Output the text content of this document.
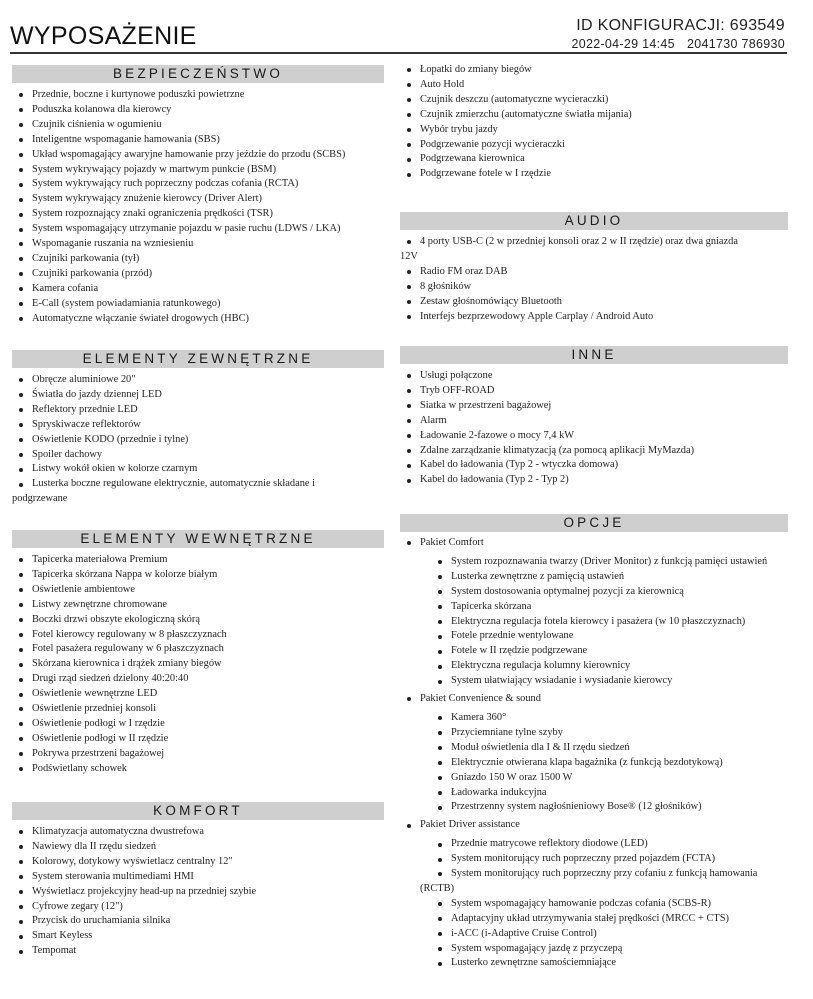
WYPOSAŻENIE	ID KONFIGURACJI: 693549
2022-04-29 14:45 2041730 786930
BEZPIECZEŃSTWO
Przednie, boczne i kurtynowe poduszki powietrzne
Poduszka kolanowa dla kierowcy
Czujnik ciśnienia w ogumieniu
Inteligentne wspomaganie hamowania (SBS)
Układ wspomagający awaryjne hamowanie przy jeździe do przodu (SCBS)
System wykrywający pojazdy w martwym punkcie (BSM)
System wykrywający ruch poprzeczny podczas cofania (RCTA)
System wykrywający znużenie kierowcy (Driver Alert)
System rozpoznający znaki ograniczenia prędkości (TSR)
System wspomagający utrzymanie pojazdu w pasie ruchu (LDWS / LKA)
Wspomaganie ruszania na wzniesieniu
Czujniki parkowania (tył)
Czujniki parkowania (przód)
Kamera cofania
E-Call (system powiadamiania ratunkowego)
Automatyczne włączanie świateł drogowych (HBC)
ELEMENTY ZEWNĘTRZNE
Obręcze aluminiowe 20"
Światła do jazdy dziennej LED
Reflektory przednie LED
Spryskiwacze reflektorów
Oświetlenie KODO (przednie i tylne)
Spoiler dachowy
Listwy wokół okien w kolorze czarnym
Lusterka boczne regulowane elektrycznie, automatycznie składane i
podgrzewane
ELEMENTY WEWNĘTRZNE
Tapicerka materiałowa Premium
Tapicerka skórzana Nappa w kolorze białym
Oświetlenie ambientowe
Listwy zewnętrzne chromowane
Boczki drzwi obszyte ekologiczną skórą
Fotel kierowcy regulowany w 8 płaszczyznach
Fotel pasażera regulowany w 6 płaszczyznach
Skórzana kierownica i drążek zmiany biegów
Drugi rząd siedzeń dzielony 40:20:40
Oświetlenie wewnętrzne LED
Oświetlenie przedniej konsoli
Oświetlenie podłogi w I rzędzie
Oświetlenie podłogi w II rzędzie
Pokrywa przestrzeni bagażowej
Podświetlany schowek
KOMFORT
Klimatyzacja automatyczna dwustrefowa
Nawiewy dla II rzędu siedzeń
Kolorowy, dotykowy wyświetlacz centralny 12"
System sterowania multimediami HMI
Wyświetlacz projekcyjny head-up na przedniej szybie
Cyfrowe zegary (12")
Przycisk do uruchamiania silnika
Smart Keyless
Tempomat
Łopatki do zmiany biegów
Auto Hold
Czujnik deszczu (automatyczne wycieraczki)
Czujnik zmierzchu (automatyczne światła mijania)
Wybór trybu jazdy
Podgrzewanie pozycji wycieraczki
Podgrzewana kierownica
Podgrzewane fotele w I rzędzie
AUDIO
4 porty USB-C (2 w przedniej konsoli oraz 2 w II rzędzie) oraz dwa gniazda
12V
Radio FM oraz DAB
8 głośników
Zestaw głośnomówiący Bluetooth
Interfejs bezprzewodowy Apple Carplay / Android Auto
INNE
Usługi połączone
Tryb OFF-ROAD
Siatka w przestrzeni bagażowej
Alarm
Ładowanie 2-fazowe o mocy 7,4 kW
Zdalne zarządzanie klimatyzacją (za pomocą aplikacji MyMazda)
Kabel do ładowania (Typ 2 - wtyczka domowa)
Kabel do ładowania (Typ 2 - Typ 2)
OPCJE
Pakiet Comfort
System rozpoznawania twarzy (Driver Monitor) z funkcją pamięci ustawień
Lusterka zewnętrzne z pamięcią ustawień
System dostosowania optymalnej pozycji za kierownicą
Tapicerka skórzana
Elektryczna regulacja fotela kierowcy i pasażera (w 10 płaszczyznach)
Fotele przednie wentylowane
Fotele w II rzędzie podgrzewane
Elektryczna regulacja kolumny kierownicy
System ułatwiający wsiadanie i wysiadanie kierowcy
Pakiet Convenience & sound
Kamera 360°
Przyciemniane tylne szyby
Moduł oświetlenia dla I & II rzędu siedzeń
Elektrycznie otwierana klapa bagażnika (z funkcją bezdotykową)
Gniazdo 150 W oraz 1500 W
Ładowarka indukcyjna
Przestrzenny system nagłośnieniowy Bose® (12 głośników)
Pakiet Driver assistance
Przednie matrycowe reflektory diodowe (LED)
System monitorujący ruch poprzeczny przed pojazdem (FCTA)
System monitorujący ruch poprzeczny przy cofaniu z funkcją hamowania
(RCTB)
System wspomagający hamowanie podczas cofania (SCBS-R)
Adaptacyjny układ utrzymywania stałej prędkości (MRCC + CTS)
i-ACC (i-Adaptive Cruise Control)
System wspomagający jazdę z przyczepą
Lusterko zewnętrzne samościemniające
